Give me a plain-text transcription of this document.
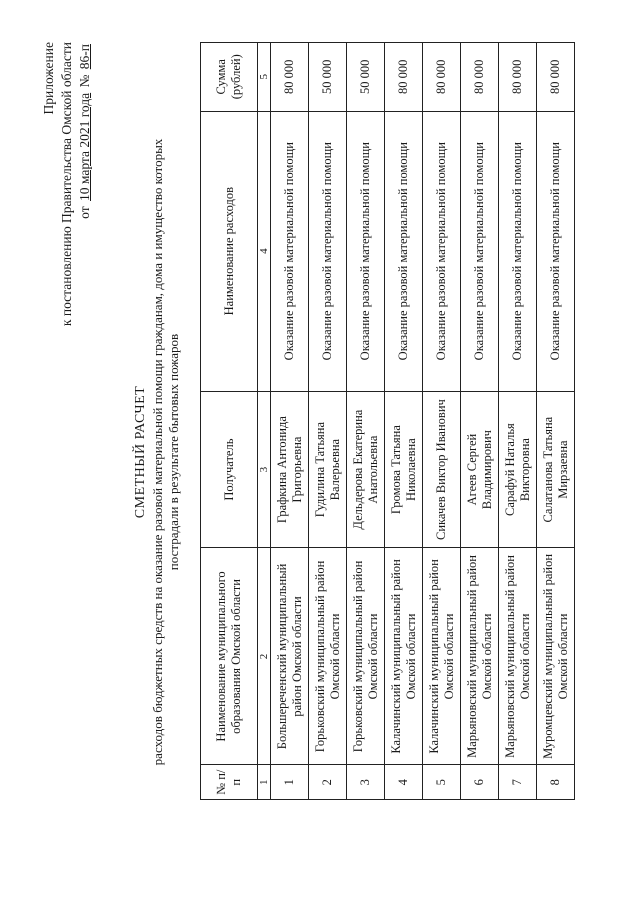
Приложение к постановлению Правительства Омской области от 10 марта 2021 года № 86-п
СМЕТНЫЙ РАСЧЕТ расходов бюджетных средств на оказание разовой материальной помощи гражданам, дома и имущество которых пострадали в результате бытовых пожаров
№ п/п	Наименование муниципального образования Омской области	Получатель	Наименование расходов	Сумма (рублей)
1	2	3	4	5
1	Большереченский муниципальный район Омской области	Графкина Антонида Григорьевна	Оказание разовой материальной помощи	80 000
2	Горьковский муниципальный район Омской области	Гудилина Татьяна Валерьевна	Оказание разовой материальной помощи	50 000
3	Горьковский муниципальный район Омской области	Дельдерова Екатерина Анатольевна	Оказание разовой материальной помощи	50 000
4	Калачинский муниципальный район Омской области	Громова Татьяна Николаевна	Оказание разовой материальной помощи	80 000
5	Калачинский муниципальный район Омской области	Сикачев Виктор Иванович	Оказание разовой материальной помощи	80 000
6	Марьяновский муниципальный район Омской области	Агеев Сергей Владимирович	Оказание разовой материальной помощи	80 000
7	Марьяновский муниципальный район Омской области	Сарафуй Наталья Викторовна	Оказание разовой материальной помощи	80 000
8	Муромцевский муниципальный район Омской области	Салатанова Татьяна Мирзаевна	Оказание разовой материальной помощи	80 000
